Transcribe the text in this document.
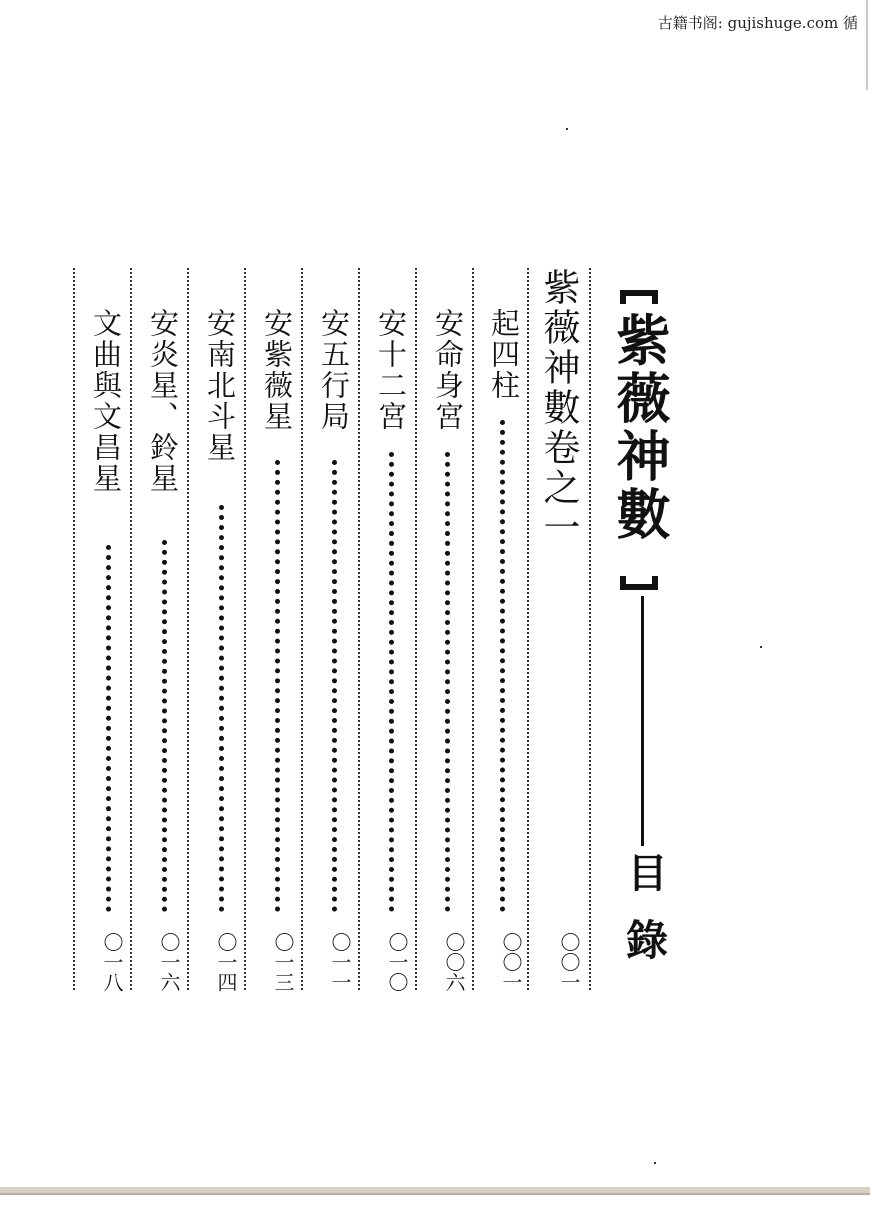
古籍书阁: gujishuge.com 循
紫薇神數
目
錄
紫薇神數卷之一
〇〇一
起四柱
〇〇一
安命身宮
〇〇六
安十二宮
〇一〇
安五行局
〇一一
安紫薇星
〇一三
安南北斗星
〇一四
安炎星、鈴星
〇一六
文曲與文昌星
〇一八
